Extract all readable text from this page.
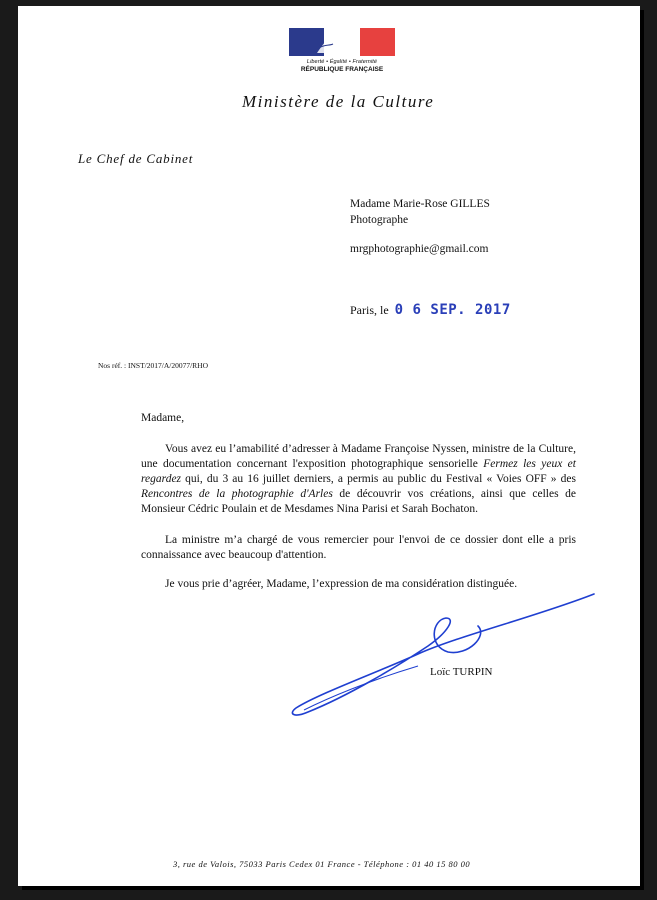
Liberté • Égalité • Fraternité
RÉPUBLIQUE FRANÇAISE
Ministère de la Culture
Le Chef de Cabinet
Madame Marie-Rose GILLES
Photographe
mrgphotographie@gmail.com
Paris, le 0 6 SEP. 2017
Nos réf. : INST/2017/A/20077/RHO
Madame,
Vous avez eu l’amabilité d’adresser à Madame Françoise Nyssen, ministre de la Culture, une documentation concernant l'exposition photographique sensorielle Fermez les yeux et regardez qui, du 3 au 16 juillet derniers, a permis au public du Festival « Voies OFF » des Rencontres de la photographie d'Arles de découvrir vos créations, ainsi que celles de Monsieur Cédric Poulain et de Mesdames Nina Parisi et Sarah Bochaton.
La ministre m’a chargé de vous remercier pour l'envoi de ce dossier dont elle a pris connaissance avec beaucoup d'attention.
Je vous prie d’agréer, Madame, l’expression de ma considération distinguée.
Loïc TURPIN
3, rue de Valois, 75033 Paris Cedex 01 France - Téléphone : 01 40 15 80 00
